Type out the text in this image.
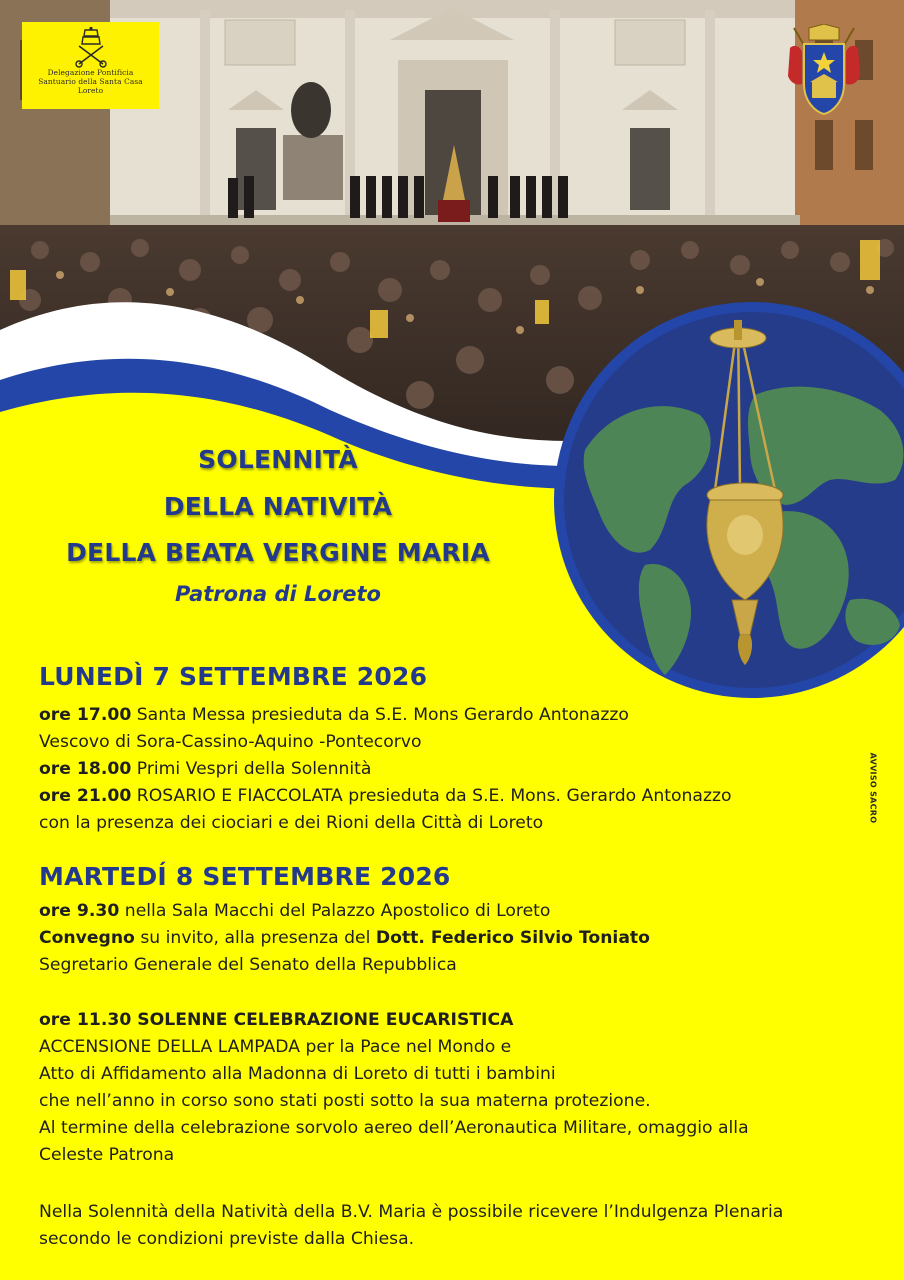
Delegazione Pontificia
Santuario della Santa Casa
Loreto
SOLENNITÀ
DELLA NATIVITÀ
DELLA BEATA VERGINE MARIA
Patrona di Loreto
LUNEDÌ 7 SETTEMBRE 2026
ore 17.00 Santa Messa presieduta da S.E. Mons Gerardo Antonazzo
Vescovo di Sora-Cassino-Aquino -Pontecorvo
ore 18.00 Primi Vespri della Solennità
ore 21.00 ROSARIO E FIACCOLATA presieduta da S.E. Mons. Gerardo Antonazzo
con la presenza dei ciociari e dei Rioni della Città di Loreto
MARTEDÍ 8 SETTEMBRE 2026
ore 9.30 nella Sala Macchi del Palazzo Apostolico di Loreto
Convegno su invito, alla presenza del Dott. Federico Silvio Toniato
Segretario Generale del Senato della Repubblica
ore 11.30 SOLENNE CELEBRAZIONE EUCARISTICA
ACCENSIONE DELLA LAMPADA per la Pace nel Mondo e
Atto di Affidamento alla Madonna di Loreto di tutti i bambini
che nell’anno in corso sono stati posti sotto la sua materna protezione.
Al termine della celebrazione sorvolo aereo dell’Aeronautica Militare, omaggio alla
Celeste Patrona
Nella Solennità della Natività della B.V. Maria è possibile ricevere l’Indulgenza Plenaria
secondo le condizioni previste dalla Chiesa.
AVVISO SACRO
